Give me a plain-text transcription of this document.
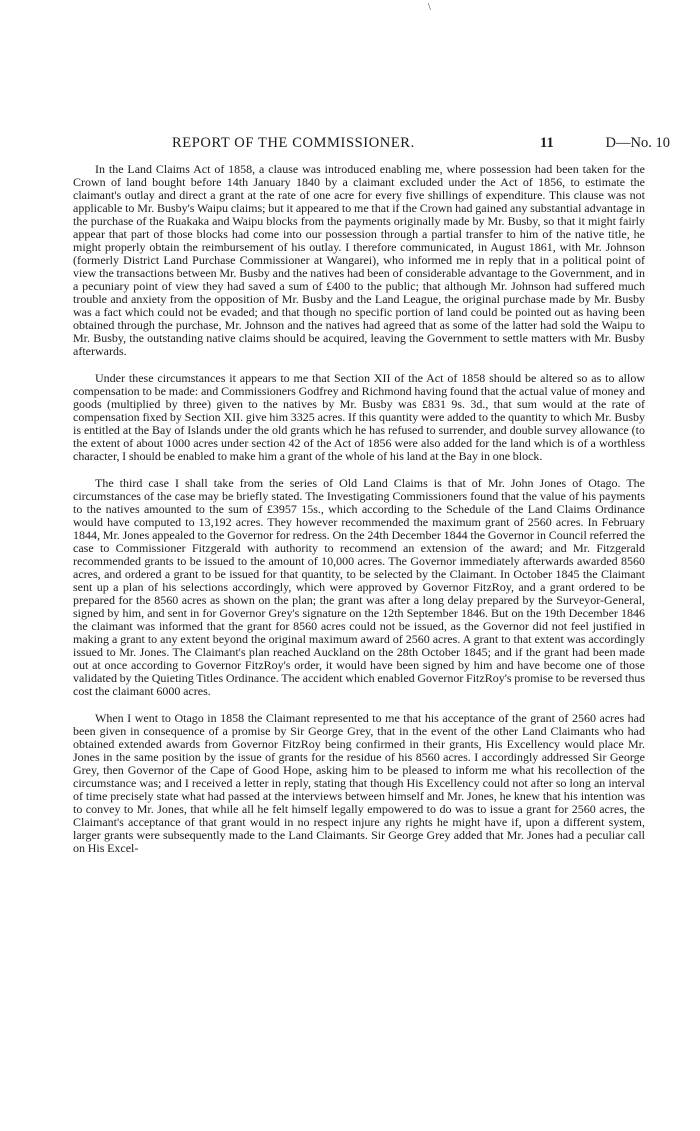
\
REPORT OF THE COMMISSIONER.	11	D—No. 10

In the Land Claims Act of 1858, a clause was introduced enabling me, where possession had been taken for the Crown of land bought before 14th January 1840 by a claimant excluded under the Act of 1856, to estimate the claimant's outlay and direct a grant at the rate of one acre for every five shillings of expenditure. This clause was not applicable to Mr. Busby's Waipu claims; but it appeared to me that if the Crown had gained any substantial advantage in the purchase of the Ruakaka and Waipu blocks from the payments originally made by Mr. Busby, so that it might fairly appear that part of those blocks had come into our possession through a partial transfer to him of the native title, he might properly obtain the reimbursement of his outlay. I therefore communicated, in August 1861, with Mr. Johnson (formerly District Land Purchase Commissioner at Wangarei), who informed me in reply that in a political point of view the transactions between Mr. Busby and the natives had been of considerable advantage to the Government, and in a pecuniary point of view they had saved a sum of £400 to the public; that although Mr. Johnson had suffered much trouble and anxiety from the opposition of Mr. Busby and the Land League, the original purchase made by Mr. Busby was a fact which could not be evaded; and that though no specific portion of land could be pointed out as having been obtained through the purchase, Mr. Johnson and the natives had agreed that as some of the latter had sold the Waipu to Mr. Busby, the outstanding native claims should be acquired, leaving the Government to settle matters with Mr. Busby afterwards.

Under these circumstances it appears to me that Section XII of the Act of 1858 should be altered so as to allow compensation to be made: and Commissioners Godfrey and Richmond having found that the actual value of money and goods (multiplied by three) given to the natives by Mr. Busby was £831 9s. 3d., that sum would at the rate of compensation fixed by Section XII. give him 3325 acres. If this quantity were added to the quantity to which Mr. Busby is entitled at the Bay of Islands under the old grants which he has refused to surrender, and double survey allowance (to the extent of about 1000 acres under section 42 of the Act of 1856 were also added for the land which is of a worthless character, I should be enabled to make him a grant of the whole of his land at the Bay in one block.

The third case I shall take from the series of Old Land Claims is that of Mr. John Jones of Otago. The circumstances of the case may be briefly stated. The Investigating Commissioners found that the value of his payments to the natives amounted to the sum of £3957 15s., which according to the Schedule of the Land Claims Ordinance would have computed to 13,192 acres. They however recommended the maximum grant of 2560 acres. In February 1844, Mr. Jones appealed to the Governor for redress. On the 24th December 1844 the Governor in Council referred the case to Commissioner Fitzgerald with authority to recommend an extension of the award; and Mr. Fitzgerald recommended grants to be issued to the amount of 10,000 acres. The Governor immediately afterwards awarded 8560 acres, and ordered a grant to be issued for that quantity, to be selected by the Claimant. In October 1845 the Claimant sent up a plan of his selections accordingly, which were approved by Governor FitzRoy, and a grant ordered to be prepared for the 8560 acres as shown on the plan; the grant was after a long delay prepared by the Surveyor-General, signed by him, and sent in for Governor Grey's signature on the 12th September 1846. But on the 19th December 1846 the claimant was informed that the grant for 8560 acres could not be issued, as the Governor did not feel justified in making a grant to any extent beyond the original maximum award of 2560 acres. A grant to that extent was accordingly issued to Mr. Jones. The Claimant's plan reached Auckland on the 28th October 1845; and if the grant had been made out at once according to Governor FitzRoy's order, it would have been signed by him and have become one of those validated by the Quieting Titles Ordinance. The accident which enabled Governor FitzRoy's promise to be reversed thus cost the claimant 6000 acres.

When I went to Otago in 1858 the Claimant represented to me that his acceptance of the grant of 2560 acres had been given in consequence of a promise by Sir George Grey, that in the event of the other Land Claimants who had obtained extended awards from Governor FitzRoy being confirmed in their grants, His Excellency would place Mr. Jones in the same position by the issue of grants for the residue of his 8560 acres. I accordingly addressed Sir George Grey, then Governor of the Cape of Good Hope, asking him to be pleased to inform me what his recollection of the circumstance was; and I received a letter in reply, stating that though His Excellency could not after so long an interval of time precisely state what had passed at the interviews between himself and Mr. Jones, he knew that his intention was to convey to Mr. Jones, that while all he felt himself legally empowered to do was to issue a grant for 2560 acres, the Claimant's acceptance of that grant would in no respect injure any rights he might have if, upon a different system, larger grants were subsequently made to the Land Claimants. Sir George Grey added that Mr. Jones had a peculiar call on His Excel-
